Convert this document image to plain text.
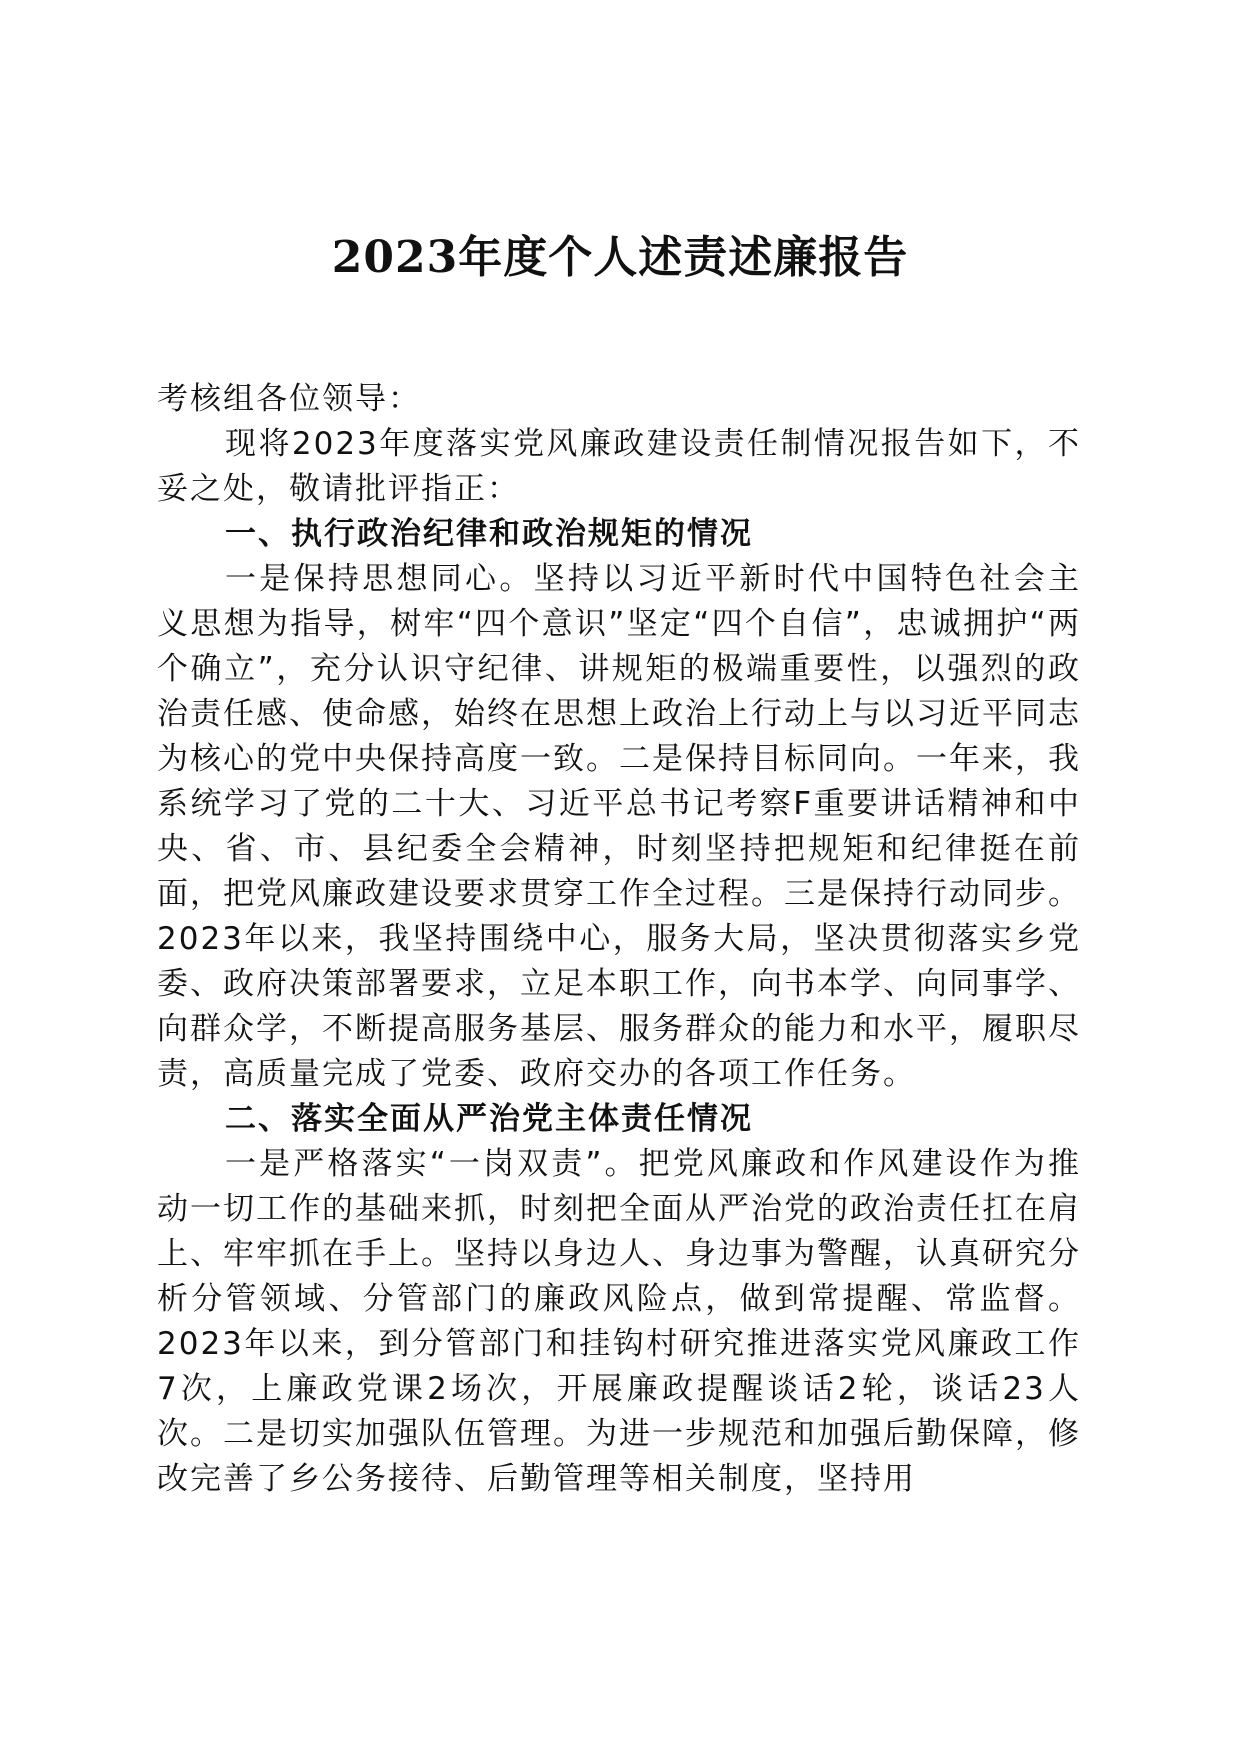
2023年度个人述责述廉报告

考核组各位领导：

现将2023年度落实党风廉政建设责任制情况报告如下，不妥之处，敬请批评指正：

一、执行政治纪律和政治规矩的情况

一是保持思想同心。坚持以习近平新时代中国特色社会主义思想为指导，树牢“四个意识”坚定“四个自信”，忠诚拥护“两个确立”，充分认识守纪律、讲规矩的极端重要性，以强烈的政治责任感、使命感，始终在思想上政治上行动上与以习近平同志为核心的党中央保持高度一致。二是保持目标同向。一年来，我系统学习了党的二十大、习近平总书记考察F重要讲话精神和中央、省、市、县纪委全会精神，时刻坚持把规矩和纪律挺在前面，把党风廉政建设要求贯穿工作全过程。三是保持行动同步。2023年以来，我坚持围绕中心，服务大局，坚决贯彻落实乡党委、政府决策部署要求，立足本职工作，向书本学、向同事学、向群众学，不断提高服务基层、服务群众的能力和水平，履职尽责，高质量完成了党委、政府交办的各项工作任务。

二、落实全面从严治党主体责任情况

一是严格落实“一岗双责”。把党风廉政和作风建设作为推动一切工作的基础来抓，时刻把全面从严治党的政治责任扛在肩上、牢牢抓在手上。坚持以身边人、身边事为警醒，认真研究分析分管领域、分管部门的廉政风险点，做到常提醒、常监督。2023年以来，到分管部门和挂钩村研究推进落实党风廉政工作7次，上廉政党课2场次，开展廉政提醒谈话2轮，谈话23人次。二是切实加强队伍管理。为进一步规范和加强后勤保障，修改完善了乡公务接待、后勤管理等相关制度，坚持用
